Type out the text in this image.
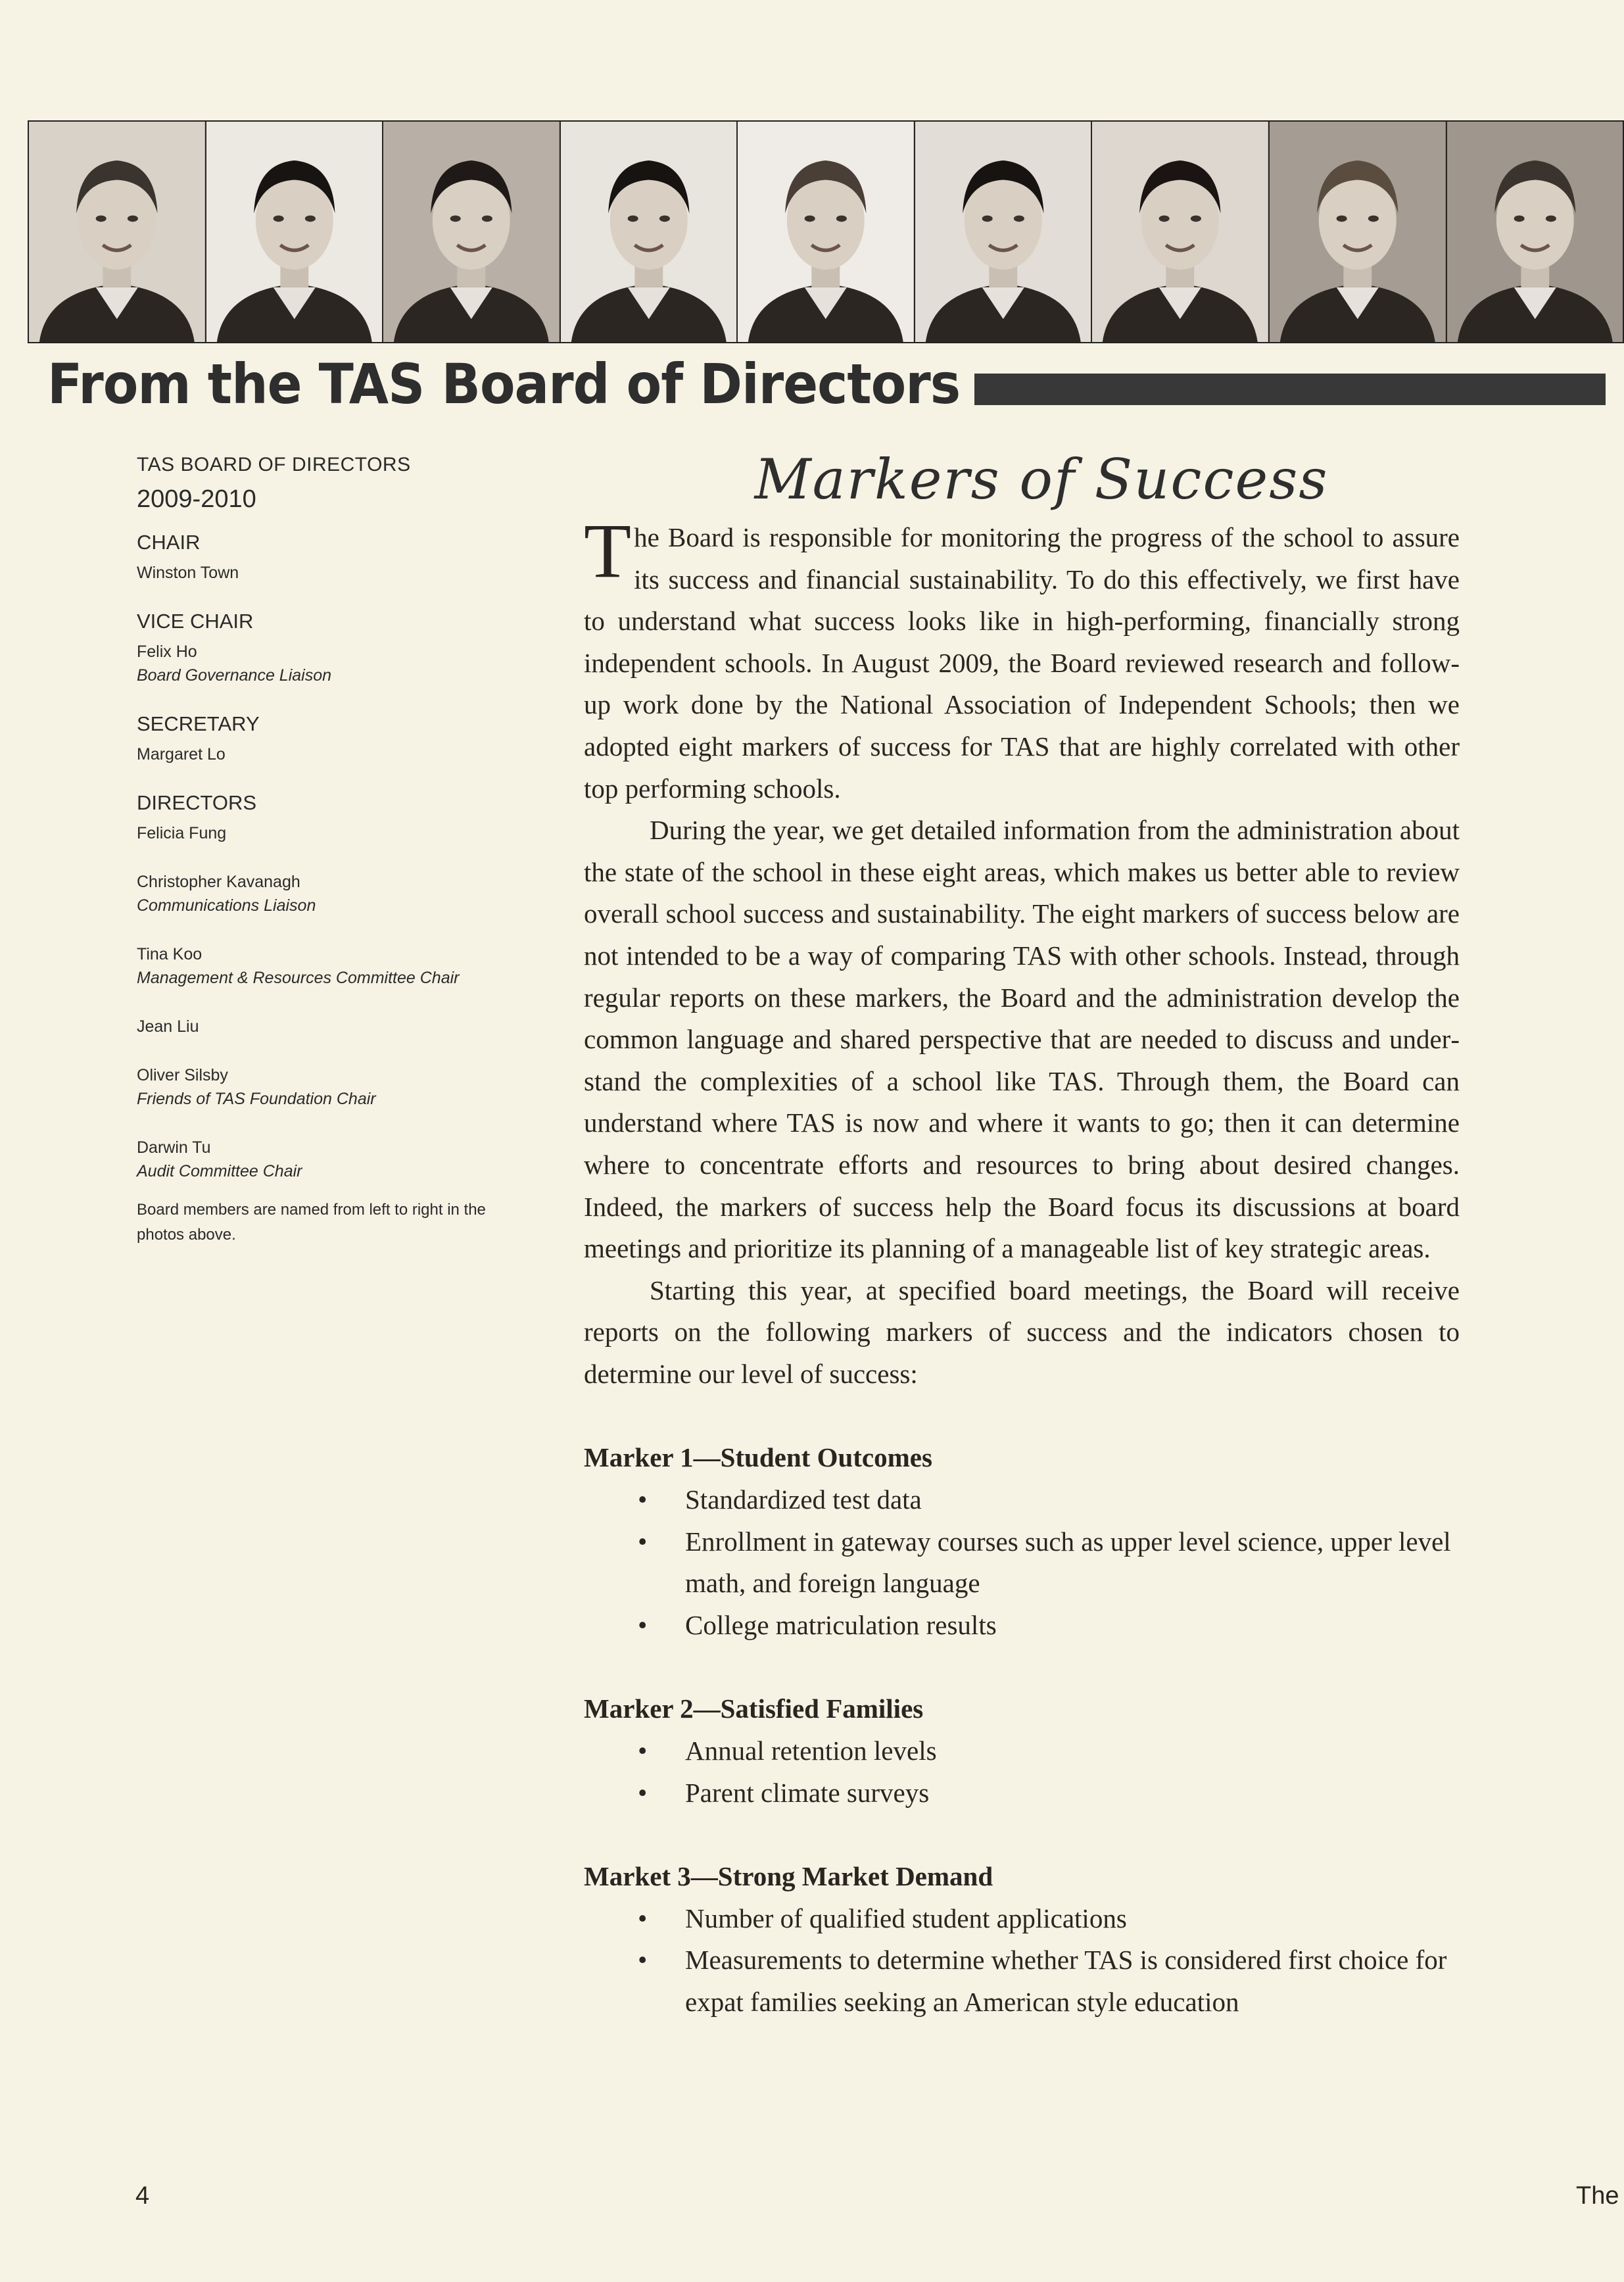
From the TAS Board of Directors
TAS BOARD OF DIRECTORS
2009-2010
CHAIR
Winston Town
VICE CHAIR
Felix Ho
Board Governance Liaison
SECRETARY
Margaret Lo
DIRECTORS
Felicia Fung
Christopher Kavanagh
Communications Liaison
Tina Koo
Management & Resources Committee Chair
Jean Liu
Oliver Silsby
Friends of TAS Foundation Chair
Darwin Tu
Audit Committee Chair
Board members are named from left to right in the photos above.
Markers of Success

The Board is responsible for monitoring the progress of the school to assure its success and financial sustainability. To do this effectively, we first have to understand what success looks like in high-performing, financially strong independent schools. In August 2009, the Board reviewed research and follow-up work done by the National Association of Independent Schools; then we adopted eight markers of success for TAS that are highly correlated with other top performing schools.

During the year, we get detailed information from the administration about the state of the school in these eight areas, which makes us better able to review overall school success and sustainability. The eight markers of success below are not intended to be a way of comparing TAS with other schools. Instead, through regular reports on these markers, the Board and the administration develop the common language and shared perspective that are needed to discuss and understand the complexities of a school like TAS. Through them, the Board can understand where TAS is now and where it wants to go; then it can determine where to concentrate efforts and resources to bring about desired changes. Indeed, the markers of success help the Board focus its discussions at board meetings and prioritize its planning of a manageable list of key strategic areas.

Starting this year, at specified board meetings, the Board will receive reports on the following markers of success and the indicators chosen to determine our level of success:

Marker 1—Student Outcomes
• Standardized test data
• Enrollment in gateway courses such as upper level science, upper level math, and foreign language
• College matriculation results
Marker 2—Satisfied Families
• Annual retention levels
• Parent climate surveys
Market 3—Strong Market Demand
• Number of qualified student applications
• Measurements to determine whether TAS is considered first choice for expat families seeking an American style education
4	The
